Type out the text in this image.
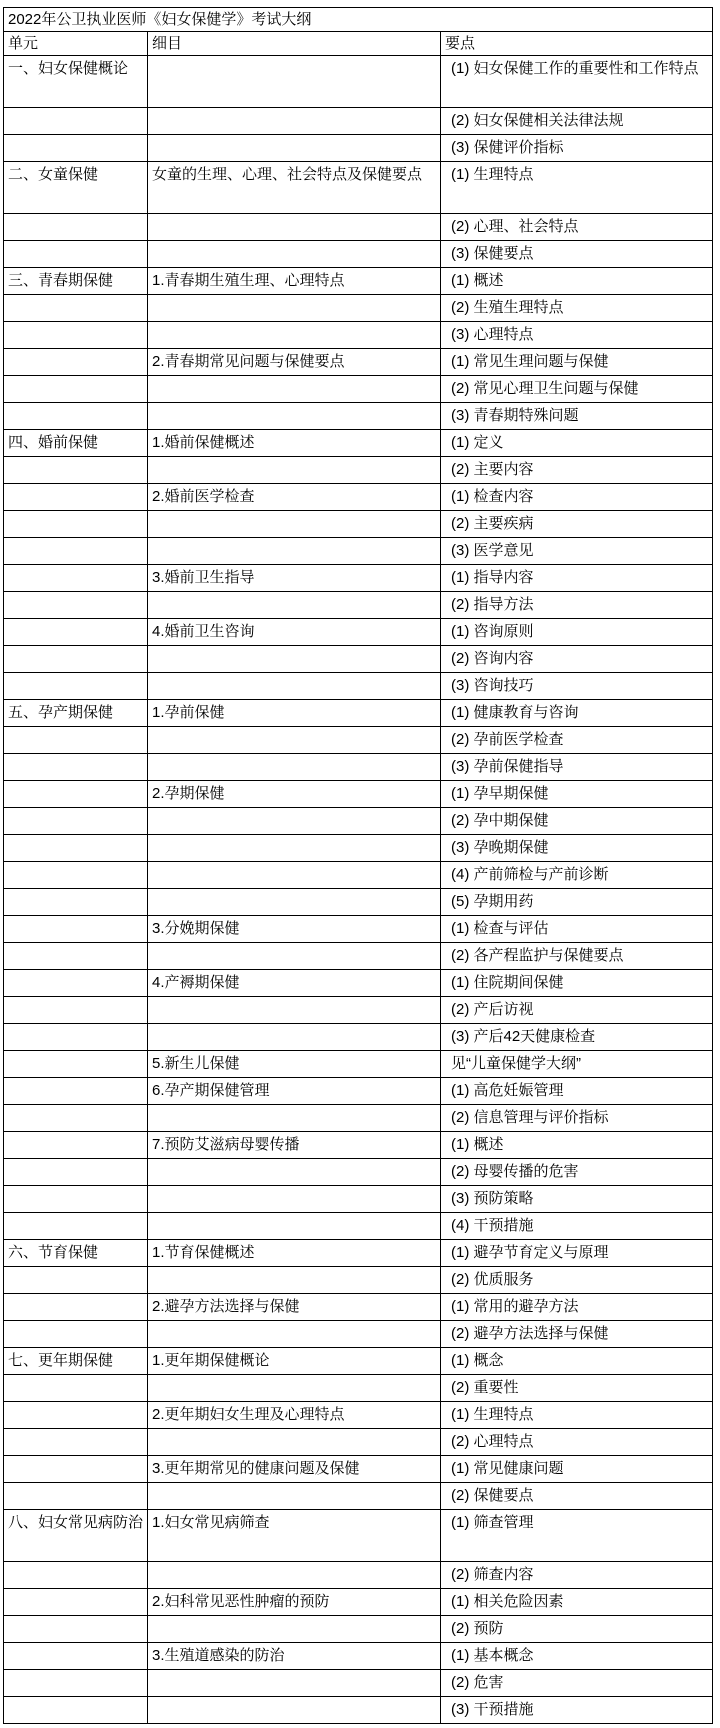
2022年公卫执业医师《妇女保健学》考试大纲		
单元	细目	要点
一、妇女保健概论		(1) 妇女保健工作的重要性和工作特点
		(2) 妇女保健相关法律法规
		(3) 保健评价指标
二、女童保健	女童的生理、心理、社会特点及保健要点	(1) 生理特点
		(2) 心理、社会特点
		(3) 保健要点
三、青春期保健	1.青春期生殖生理、心理特点	(1) 概述
		(2) 生殖生理特点
		(3) 心理特点
	2.青春期常见问题与保健要点	(1) 常见生理问题与保健
		(2) 常见心理卫生问题与保健
		(3) 青春期特殊问题
四、婚前保健	1.婚前保健概述	(1) 定义
		(2) 主要内容
	2.婚前医学检查	(1) 检查内容
		(2) 主要疾病
		(3) 医学意见
	3.婚前卫生指导	(1) 指导内容
		(2) 指导方法
	4.婚前卫生咨询	(1) 咨询原则
		(2) 咨询内容
		(3) 咨询技巧
五、孕产期保健	1.孕前保健	(1) 健康教育与咨询
		(2) 孕前医学检查
		(3) 孕前保健指导
	2.孕期保健	(1) 孕早期保健
		(2) 孕中期保健
		(3) 孕晚期保健
		(4) 产前筛检与产前诊断
		(5) 孕期用药
	3.分娩期保健	(1) 检查与评估
		(2) 各产程监护与保健要点
	4.产褥期保健	(1) 住院期间保健
		(2) 产后访视
		(3) 产后42天健康检查
	5.新生儿保健	见“儿童保健学大纲”
	6.孕产期保健管理	(1) 高危妊娠管理
		(2) 信息管理与评价指标
	7.预防艾滋病母婴传播	(1) 概述
		(2) 母婴传播的危害
		(3) 预防策略
		(4) 干预措施
六、节育保健	1.节育保健概述	(1) 避孕节育定义与原理
		(2) 优质服务
	2.避孕方法选择与保健	(1) 常用的避孕方法
		(2) 避孕方法选择与保健
七、更年期保健	1.更年期保健概论	(1) 概念
		(2) 重要性
	2.更年期妇女生理及心理特点	(1) 生理特点
		(2) 心理特点
	3.更年期常见的健康问题及保健	(1) 常见健康问题
		(2) 保健要点
八、妇女常见病防治	1.妇女常见病筛查	(1) 筛查管理
		(2) 筛查内容
	2.妇科常见恶性肿瘤的预防	(1) 相关危险因素
		(2) 预防
	3.生殖道感染的防治	(1) 基本概念
		(2) 危害
		(3) 干预措施
